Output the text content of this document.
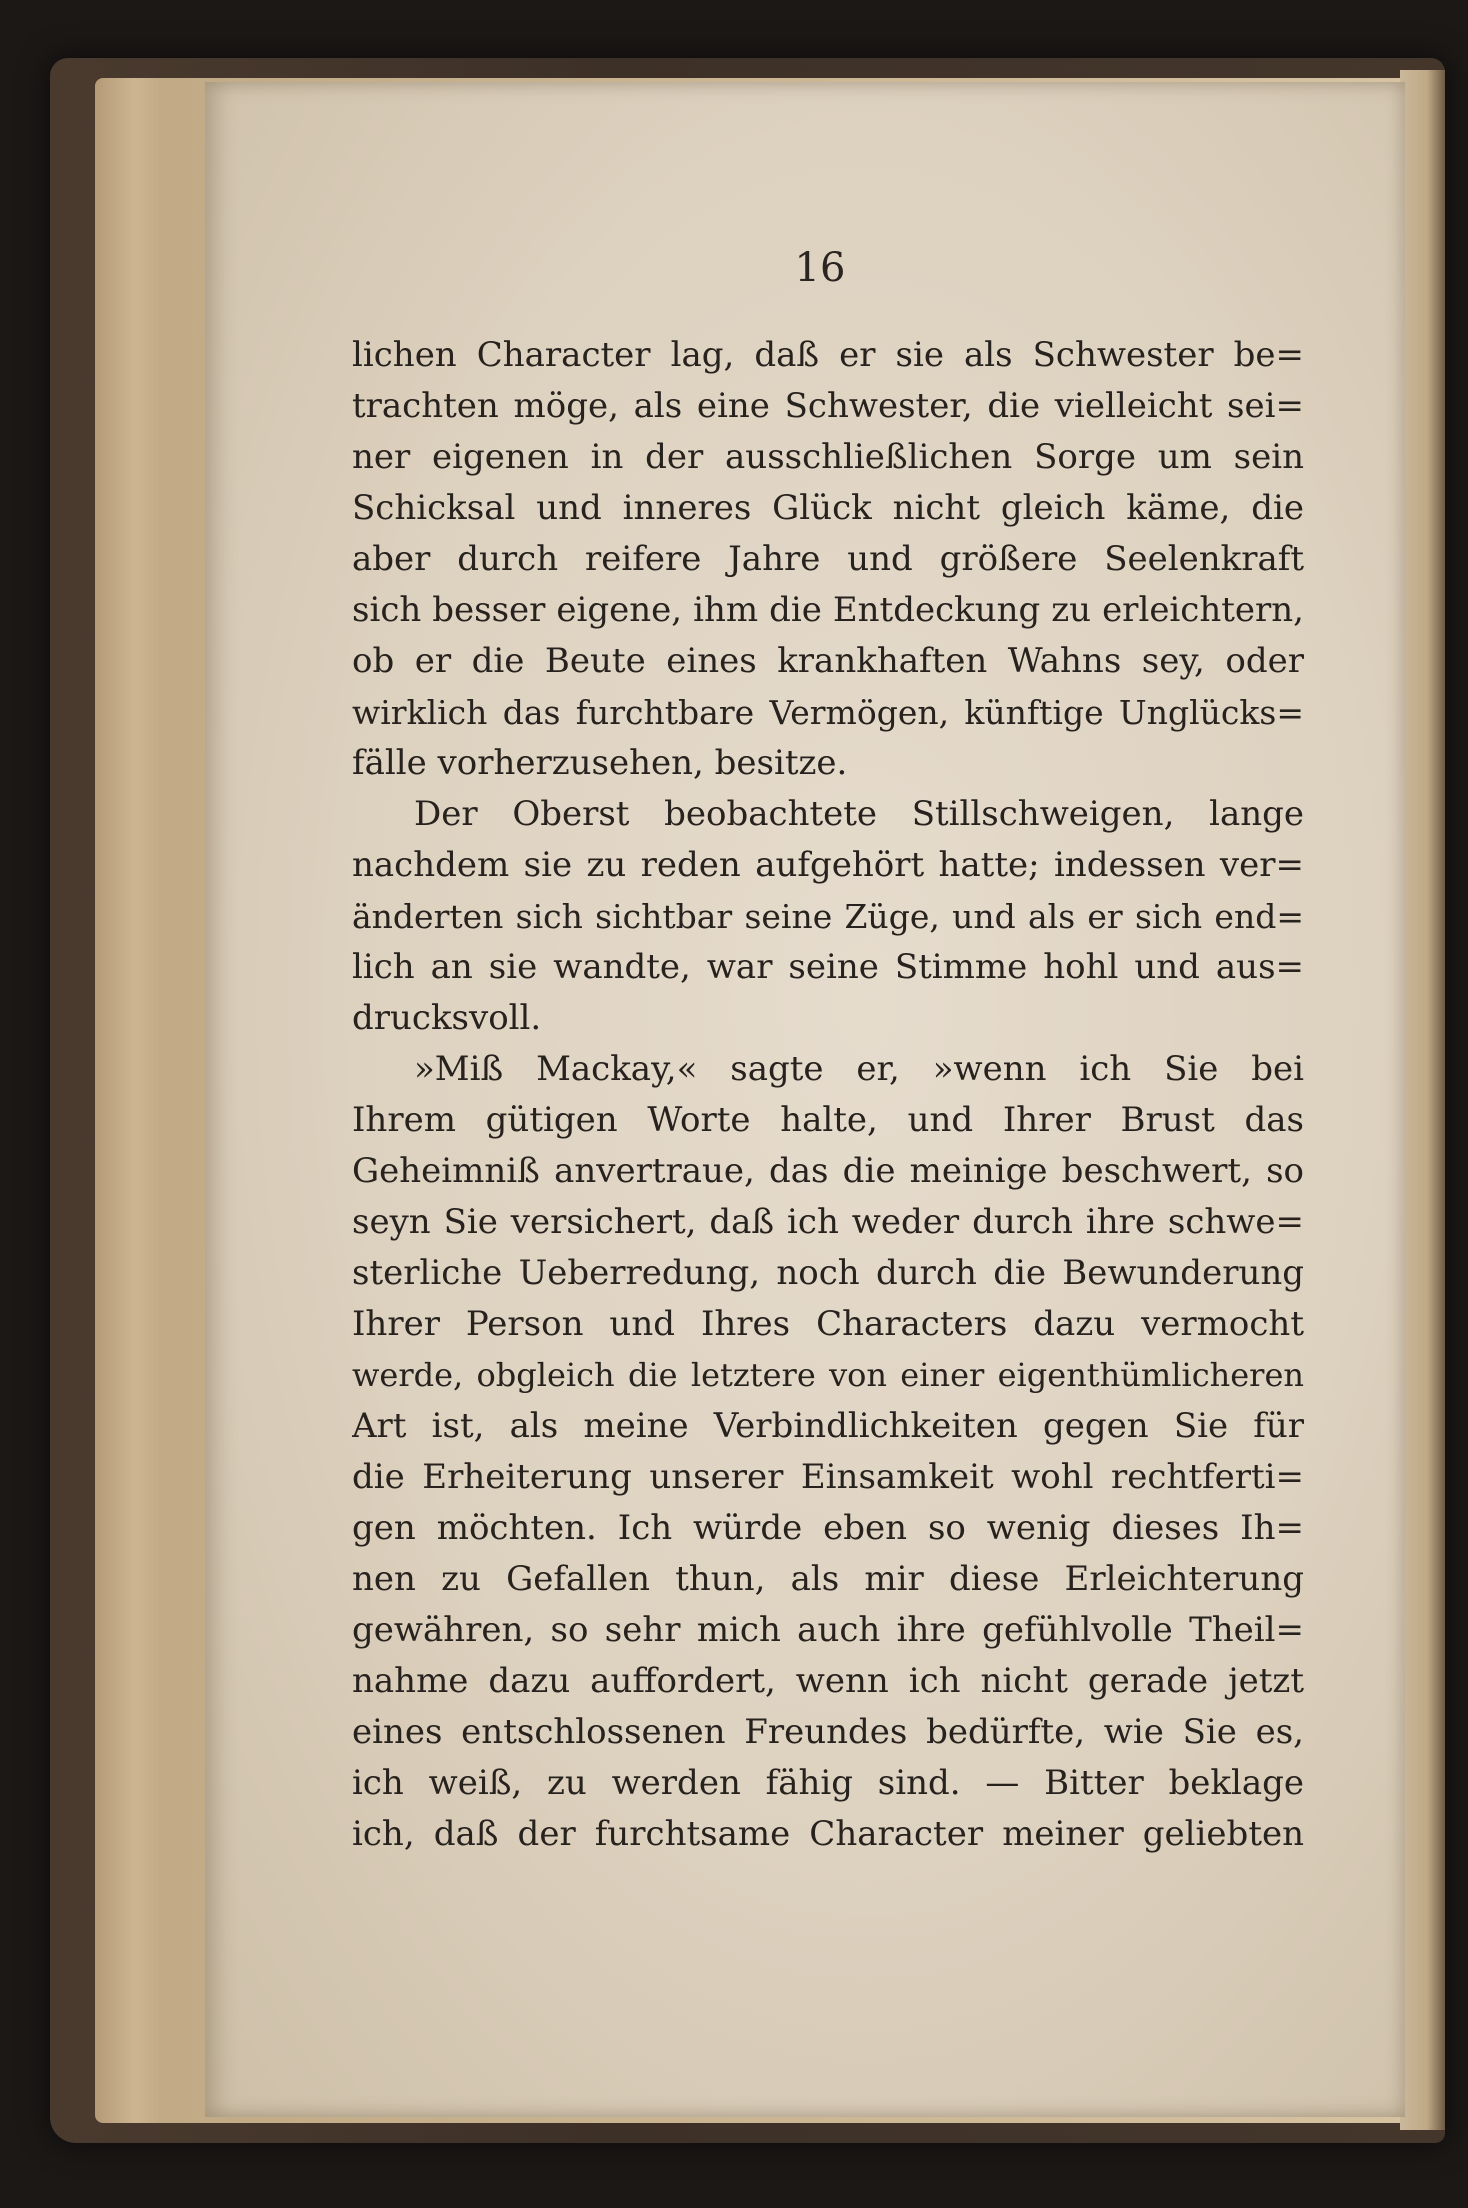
16
lichen Character lag, daß er sie als Schwester be=
trachten möge, als eine Schwester, die vielleicht sei=
ner eigenen in der ausschließlichen Sorge um sein
Schicksal und inneres Glück nicht gleich käme, die
aber durch reifere Jahre und größere Seelenkraft
sich besser eigene, ihm die Entdeckung zu erleichtern,
ob er die Beute eines krankhaften Wahns sey, oder
wirklich das furchtbare Vermögen, künftige Unglücks=
fälle vorherzusehen, besitze.
Der Oberst beobachtete Stillschweigen, lange
nachdem sie zu reden aufgehört hatte; indessen ver=
änderten sich sichtbar seine Züge, und als er sich end=
lich an sie wandte, war seine Stimme hohl und aus=
drucksvoll.
»Miß Mackay,« sagte er, »wenn ich Sie bei
Ihrem gütigen Worte halte, und Ihrer Brust das
Geheimniß anvertraue, das die meinige beschwert, so
seyn Sie versichert, daß ich weder durch ihre schwe=
sterliche Ueberredung, noch durch die Bewunderung
Ihrer Person und Ihres Characters dazu vermocht
werde, obgleich die letztere von einer eigenthümlicheren
Art ist, als meine Verbindlichkeiten gegen Sie für
die Erheiterung unserer Einsamkeit wohl rechtferti=
gen möchten. Ich würde eben so wenig dieses Ih=
nen zu Gefallen thun, als mir diese Erleichterung
gewähren, so sehr mich auch ihre gefühlvolle Theil=
nahme dazu auffordert, wenn ich nicht gerade jetzt
eines entschlossenen Freundes bedürfte, wie Sie es,
ich weiß, zu werden fähig sind. — Bitter beklage
ich, daß der furchtsame Character meiner geliebten
